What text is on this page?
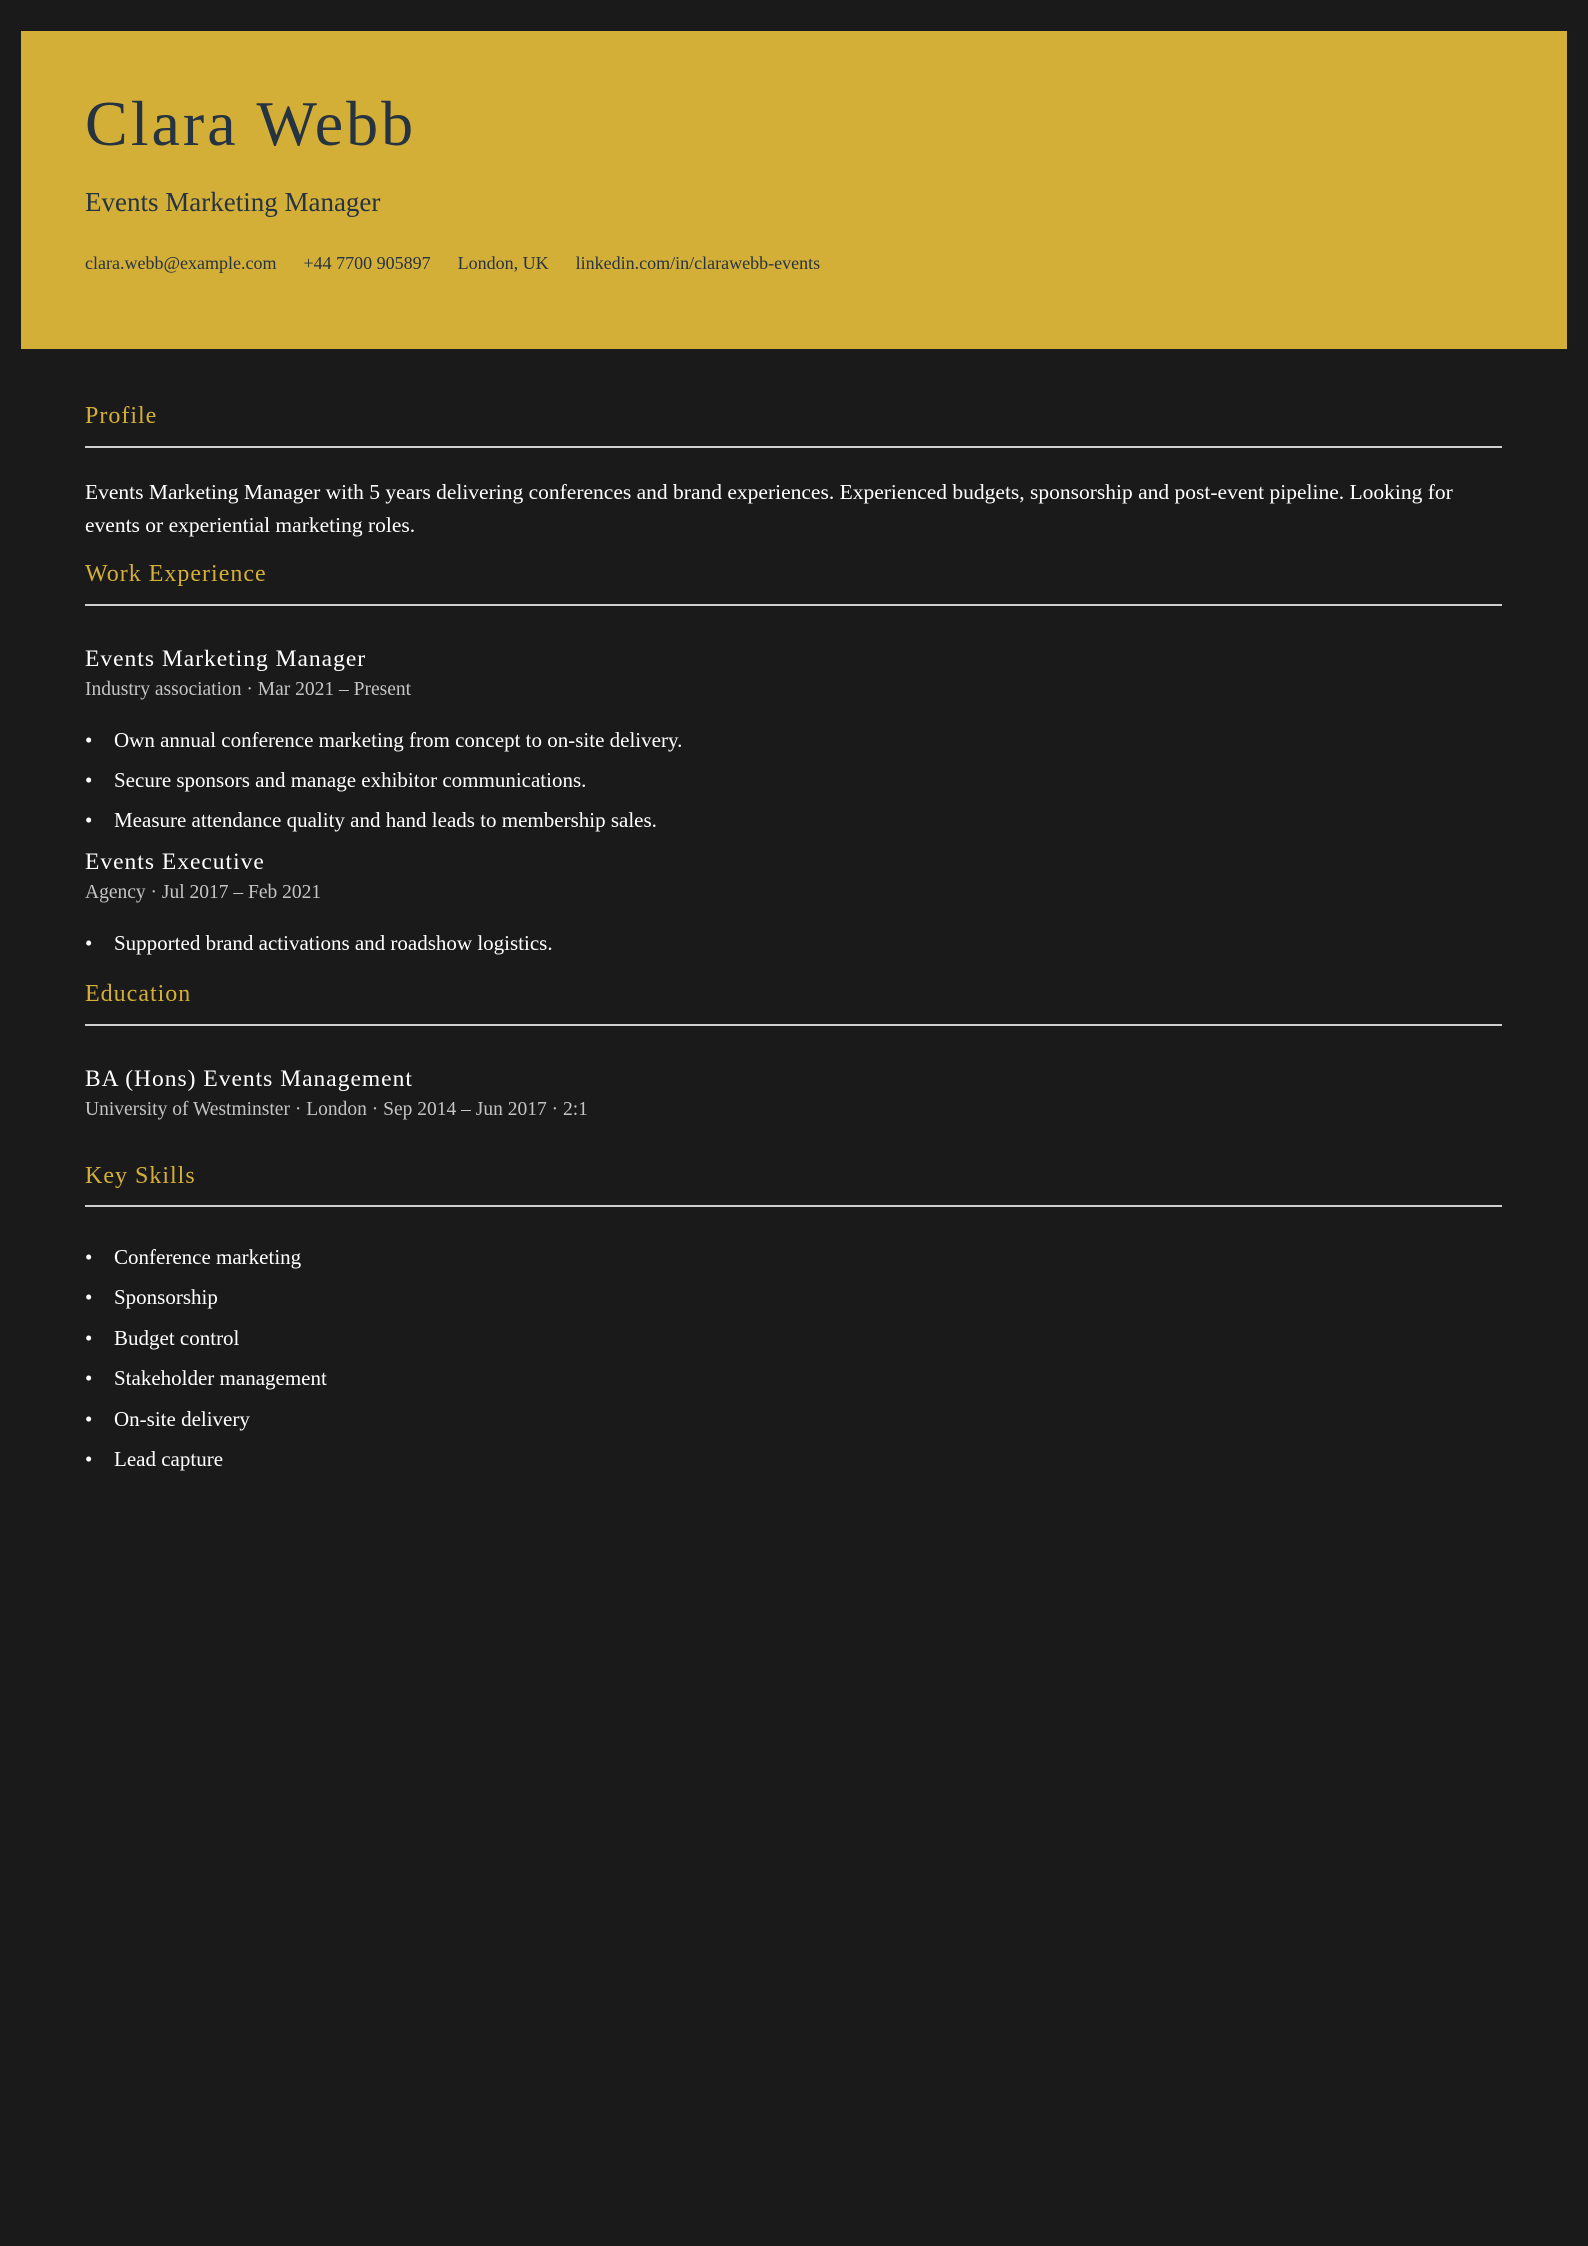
Clara Webb
Events Marketing Manager
clara.webb@example.com +44 7700 905897 London, UK linkedin.com/in/clarawebb-events
Profile

Events Marketing Manager with 5 years delivering conferences and brand experiences. Experienced budgets, sponsorship and post-event pipeline. Looking for events or experiential marketing roles.

Work Experience
Events Marketing Manager
Industry association · Mar 2021 – Present
• Own annual conference marketing from concept to on-site delivery.
• Secure sponsors and manage exhibitor communications.
• Measure attendance quality and hand leads to membership sales.
Events Executive
Agency · Jul 2017 – Feb 2021
• Supported brand activations and roadshow logistics.
Education
BA (Hons) Events Management
University of Westminster · London · Sep 2014 – Jun 2017 · 2:1
Key Skills
• Conference marketing
• Sponsorship
• Budget control
• Stakeholder management
• On-site delivery
• Lead capture
